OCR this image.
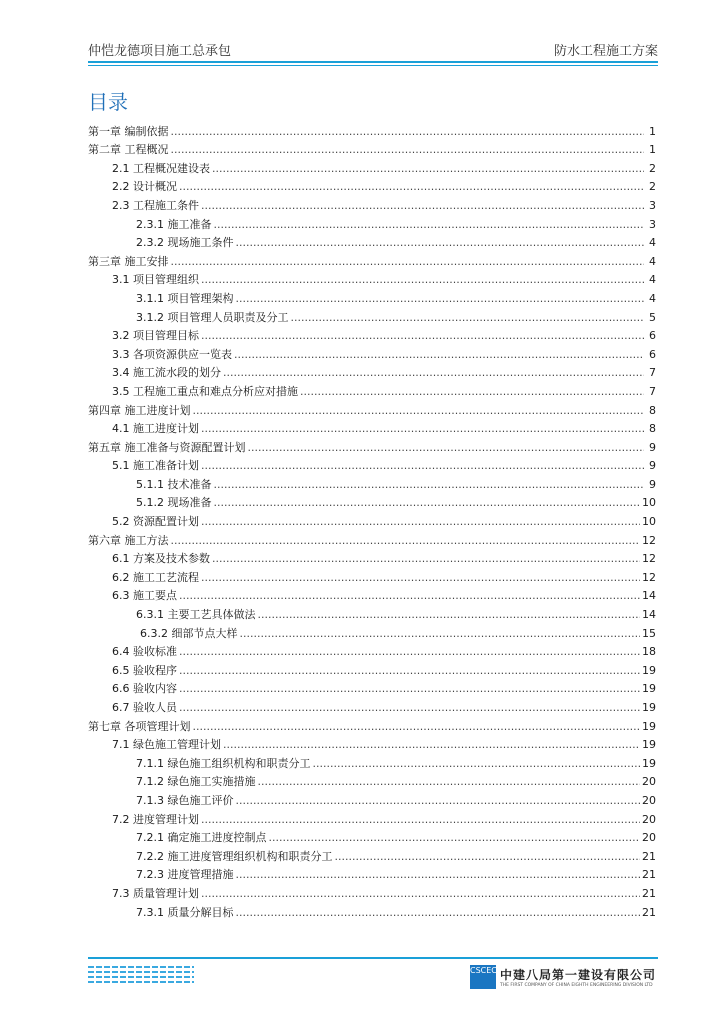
仲恺龙德项目施工总承包	防水工程施工方案
目录
第一章 编制依据 .....	1
第二章 工程概况 .....	1
2.1 工程概况建设表 .....	2
2.2 设计概况 .....	2
2.3 工程施工条件 .....	3
2.3.1 施工准备 .....	3
2.3.2 现场施工条件 .....	4
第三章 施工安排 .....	4
3.1 项目管理组织 .....	4
3.1.1 项目管理架构 .....	4
3.1.2 项目管理人员职责及分工 .....	5
3.2 项目管理目标 .....	6
3.3 各项资源供应一览表 .....	6
3.4 施工流水段的划分 .....	7
3.5 工程施工重点和难点分析应对措施 .....	7
第四章 施工进度计划 .....	8
4.1 施工进度计划 .....	8
第五章 施工准备与资源配置计划 .....	9
5.1 施工准备计划 .....	9
5.1.1 技术准备 .....	9
5.1.2 现场准备 .....	10
5.2 资源配置计划 .....	10
第六章 施工方法 .....	12
6.1 方案及技术参数 .....	12
6.2 施工工艺流程 .....	12
6.3 施工要点 .....	14
6.3.1 主要工艺具体做法 .....	14
6.3.2 细部节点大样 .....	15
6.4 验收标准 .....	18
6.5 验收程序 .....	19
6.6 验收内容 .....	19
6.7 验收人员 .....	19
第七章 各项管理计划 .....	19
7.1 绿色施工管理计划 .....	19
7.1.1 绿色施工组织机构和职责分工 .....	19
7.1.2 绿色施工实施措施 .....	20
7.1.3 绿色施工评价 .....	20
7.2 进度管理计划 .....	20
7.2.1 确定施工进度控制点 .....	20
7.2.2 施工进度管理组织机构和职责分工 .....	21
7.2.3 进度管理措施 .....	21
7.3 质量管理计划 .....	21
7.3.1 质量分解目标 .....	21
CSCEC 中建八局第一建设有限公司
THE FIRST COMPANY OF CHINA EIGHTH ENGINEERING DIVISION LTD
